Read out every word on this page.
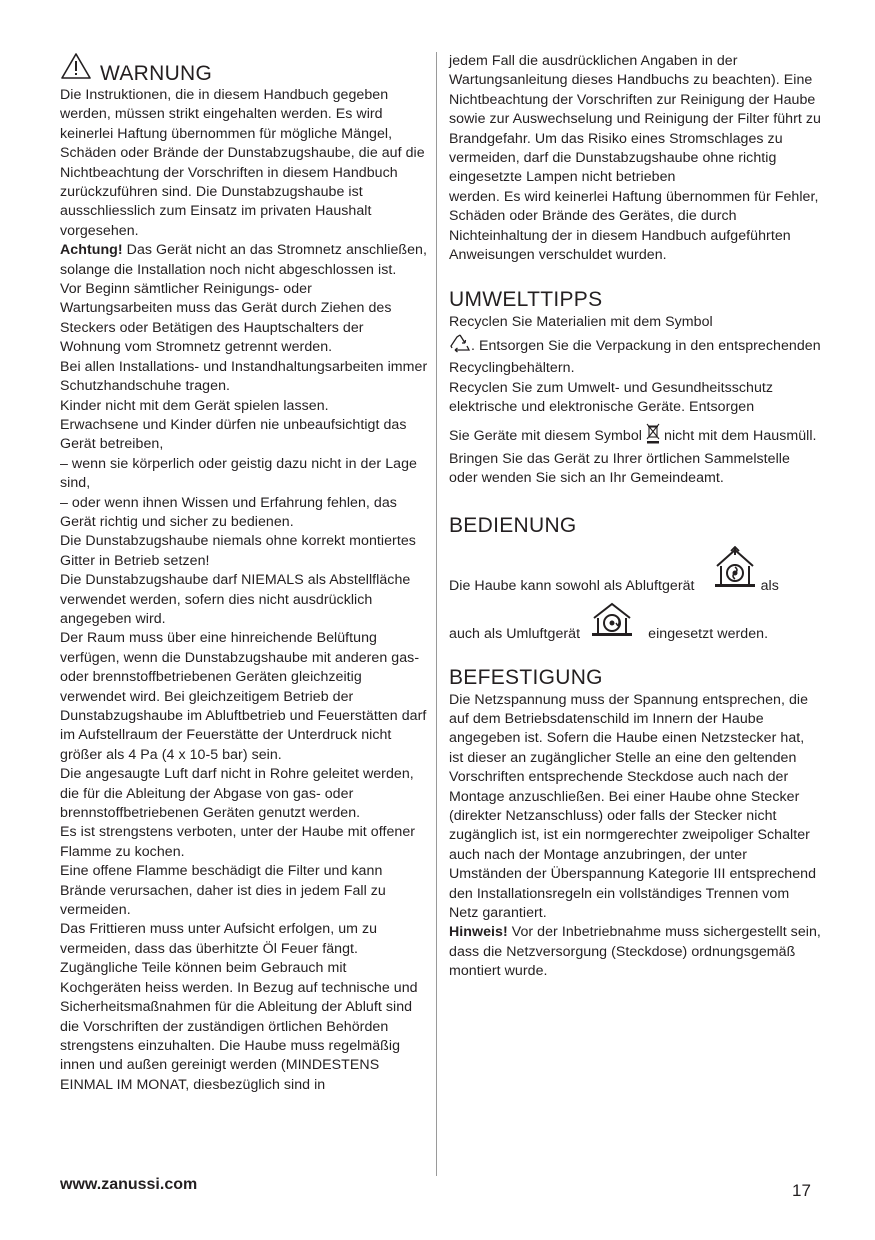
WARNUNG

Die Instruktionen, die in diesem Handbuch gegeben werden, müssen strikt eingehalten werden. Es wird keinerlei Haftung übernommen für mögliche Mängel, Schäden oder Brände der Dunstabzugshaube, die auf die Nichtbeachtung der Vorschriften in diesem Handbuch zurückzuführen sind. Die Dunstabzugshaube ist ausschliesslich zum Einsatz im privaten Haushalt vorgesehen.

Achtung! Das Gerät nicht an das Stromnetz anschließen, solange die Installation noch nicht abgeschlossen ist.

Vor Beginn sämtlicher Reinigungs- oder Wartungsarbeiten muss das Gerät durch Ziehen des Steckers oder Betätigen des Hauptschalters der Wohnung vom Stromnetz getrennt werden.

Bei allen Installations- und Instandhaltungsarbeiten immer Schutzhandschuhe tragen.

Kinder nicht mit dem Gerät spielen lassen.

Erwachsene und Kinder dürfen nie unbeaufsichtigt das Gerät betreiben,

– wenn sie körperlich oder geistig dazu nicht in der Lage sind,

– oder wenn ihnen Wissen und Erfahrung fehlen, das Gerät richtig und sicher zu bedienen.

Die Dunstabzugshaube niemals ohne korrekt montiertes Gitter in Betrieb setzen!

Die Dunstabzugshaube darf NIEMALS als Abstellfläche verwendet werden, sofern dies nicht ausdrücklich angegeben wird.

Der Raum muss über eine hinreichende Belüftung verfügen, wenn die Dunstabzugshaube mit anderen gas- oder brennstoffbetriebenen Geräten gleichzeitig verwendet wird. Bei gleichzeitigem Betrieb der Dunstabzugshaube im Abluftbetrieb und Feuerstätten darf im Aufstellraum der Feuerstätte der Unterdruck nicht größer als 4 Pa (4 x 10-5 bar) sein.

Die angesaugte Luft darf nicht in Rohre geleitet werden, die für die Ableitung der Abgase von gas- oder brennstoffbetriebenen Geräten genutzt werden.

Es ist strengstens verboten, unter der Haube mit offener Flamme zu kochen.

Eine offene Flamme beschädigt die Filter und kann Brände verursachen, daher ist dies in jedem Fall zu vermeiden.

Das Frittieren muss unter Aufsicht erfolgen, um zu vermeiden, dass das überhitzte Öl Feuer fängt. Zugängliche Teile können beim Gebrauch mit Kochgeräten heiss werden. In Bezug auf technische und Sicherheitsmaßnahmen für die Ableitung der Abluft sind die Vorschriften der zuständigen örtlichen Behörden strengstens einzuhalten. Die Haube muss regelmäßig innen und außen gereinigt werden (MINDESTENS EINMAL IM MONAT, diesbezüglich sind in

jedem Fall die ausdrücklichen Angaben in der Wartungsanleitung dieses Handbuchs zu beachten). Eine Nichtbeachtung der Vorschriften zur Reinigung der Haube sowie zur Auswechselung und Reinigung der Filter führt zu Brandgefahr. Um das Risiko eines Stromschlages zu vermeiden, darf die Dunstabzugshaube ohne richtig eingesetzte Lampen nicht betrieben

werden. Es wird keinerlei Haftung übernommen für Fehler, Schäden oder Brände des Gerätes, die durch Nichteinhaltung der in diesem Handbuch aufgeführten Anweisungen verschuldet wurden.

UMWELTTIPPS

Recyclen Sie Materialien mit dem Symbol

. Entsorgen Sie die Verpackung in den entsprechenden Recyclingbehältern.

Recyclen Sie zum Umwelt- und Gesundheitsschutz elektrische und elektronische Geräte. Entsorgen

Sie Geräte mit diesem Symbol nicht mit dem Hausmüll. Bringen Sie das Gerät zu Ihrer örtlichen Sammelstelle oder wenden Sie sich an Ihr Gemeindeamt.

BEDIENUNG
Die Haube kann sowohl als Abluftgerät	als
auch als Umluftgerät	eingesetzt werden.
BEFESTIGUNG

Die Netzspannung muss der Spannung entsprechen, die auf dem Betriebsdatenschild im Innern der Haube angegeben ist. Sofern die Haube einen Netzstecker hat, ist dieser an zugänglicher Stelle an eine den geltenden Vorschriften entsprechende Steckdose auch nach der Montage anzuschließen. Bei einer Haube ohne Stecker (direkter Netzanschluss) oder falls der Stecker nicht zugänglich ist, ist ein normgerechter zweipoliger Schalter auch nach der Montage anzubringen, der unter Umständen der Überspannung Kategorie III entsprechend den Installationsregeln ein vollständiges Trennen vom Netz garantiert.

Hinweis! Vor der Inbetriebnahme muss sichergestellt sein, dass die Netzversorgung (Steckdose) ordnungsgemäß montiert wurde.

www.zanussi.com	17
